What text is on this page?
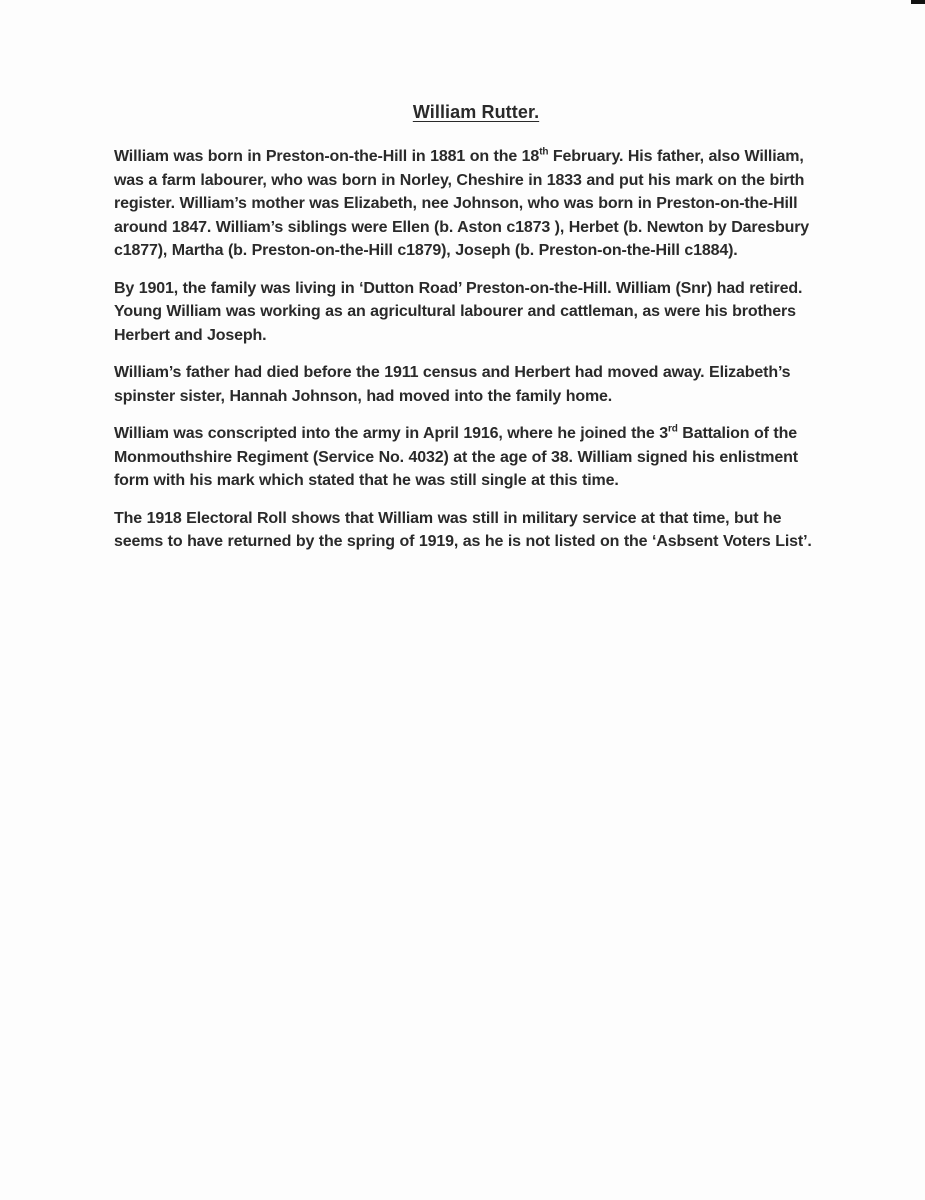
William Rutter.

William was born in Preston-on-the-Hill in 1881 on the 18th February. His father, also William, was a farm labourer, who was born in Norley, Cheshire in 1833 and put his mark on the birth register. William’s mother was Elizabeth, nee Johnson, who was born in Preston-on-the-Hill around 1847. William’s siblings were Ellen (b. Aston c1873 ), Herbet (b. Newton by Daresbury c1877), Martha (b. Preston-on-the-Hill c1879), Joseph (b. Preston-on-the-Hill c1884).

By 1901, the family was living in ‘Dutton Road’ Preston-on-the-Hill. William (Snr) had retired. Young William was working as an agricultural labourer and cattleman, as were his brothers Herbert and Joseph.

William’s father had died before the 1911 census and Herbert had moved away. Elizabeth’s spinster sister, Hannah Johnson, had moved into the family home.

William was conscripted into the army in April 1916, where he joined the 3rd Battalion of the Monmouthshire Regiment (Service No. 4032) at the age of 38. William signed his enlistment form with his mark which stated that he was still single at this time.

The 1918 Electoral Roll shows that William was still in military service at that time, but he seems to have returned by the spring of 1919, as he is not listed on the ‘Asbsent Voters List’.
